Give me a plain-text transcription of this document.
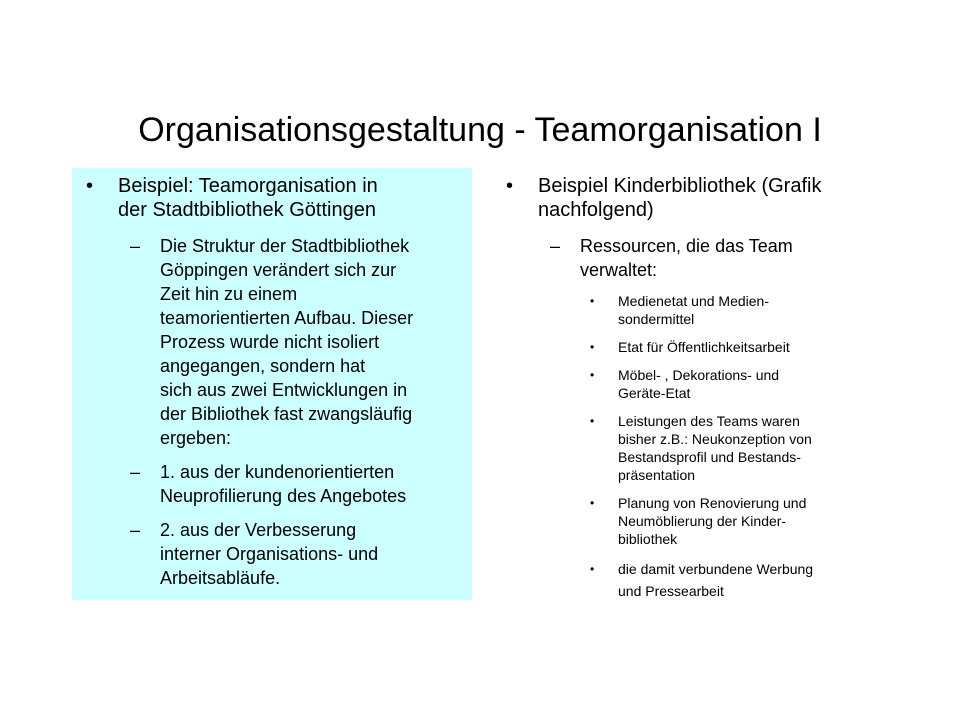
Organisationsgestaltung - Teamorganisation I
• Beispiel: Teamorganisation in
der Stadtbibliothek Göttingen
– Die Struktur der Stadtbibliothek
Göppingen verändert sich zur
Zeit hin zu einem
teamorientierten Aufbau. Dieser
Prozess wurde nicht isoliert
angegangen, sondern hat
sich aus zwei Entwicklungen in
der Bibliothek fast zwangsläufig
ergeben:
– 1. aus der kundenorientierten
Neuprofilierung des Angebotes
– 2. aus der Verbesserung
interner Organisations- und
Arbeitsabläufe.
• Beispiel Kinderbibliothek (Grafik
nachfolgend)
– Ressourcen, die das Team
verwaltet:
• Medienetat und Medien-
sondermittel
• Etat für Öffentlichkeitsarbeit
• Möbel- , Dekorations- und
Geräte-Etat
• Leistungen des Teams waren
bisher z.B.: Neukonzeption von
Bestandsprofil und Bestands-
präsentation
• Planung von Renovierung und
Neumöblierung der Kinder-
bibliothek
• die damit verbundene Werbung
und Pressearbeit
